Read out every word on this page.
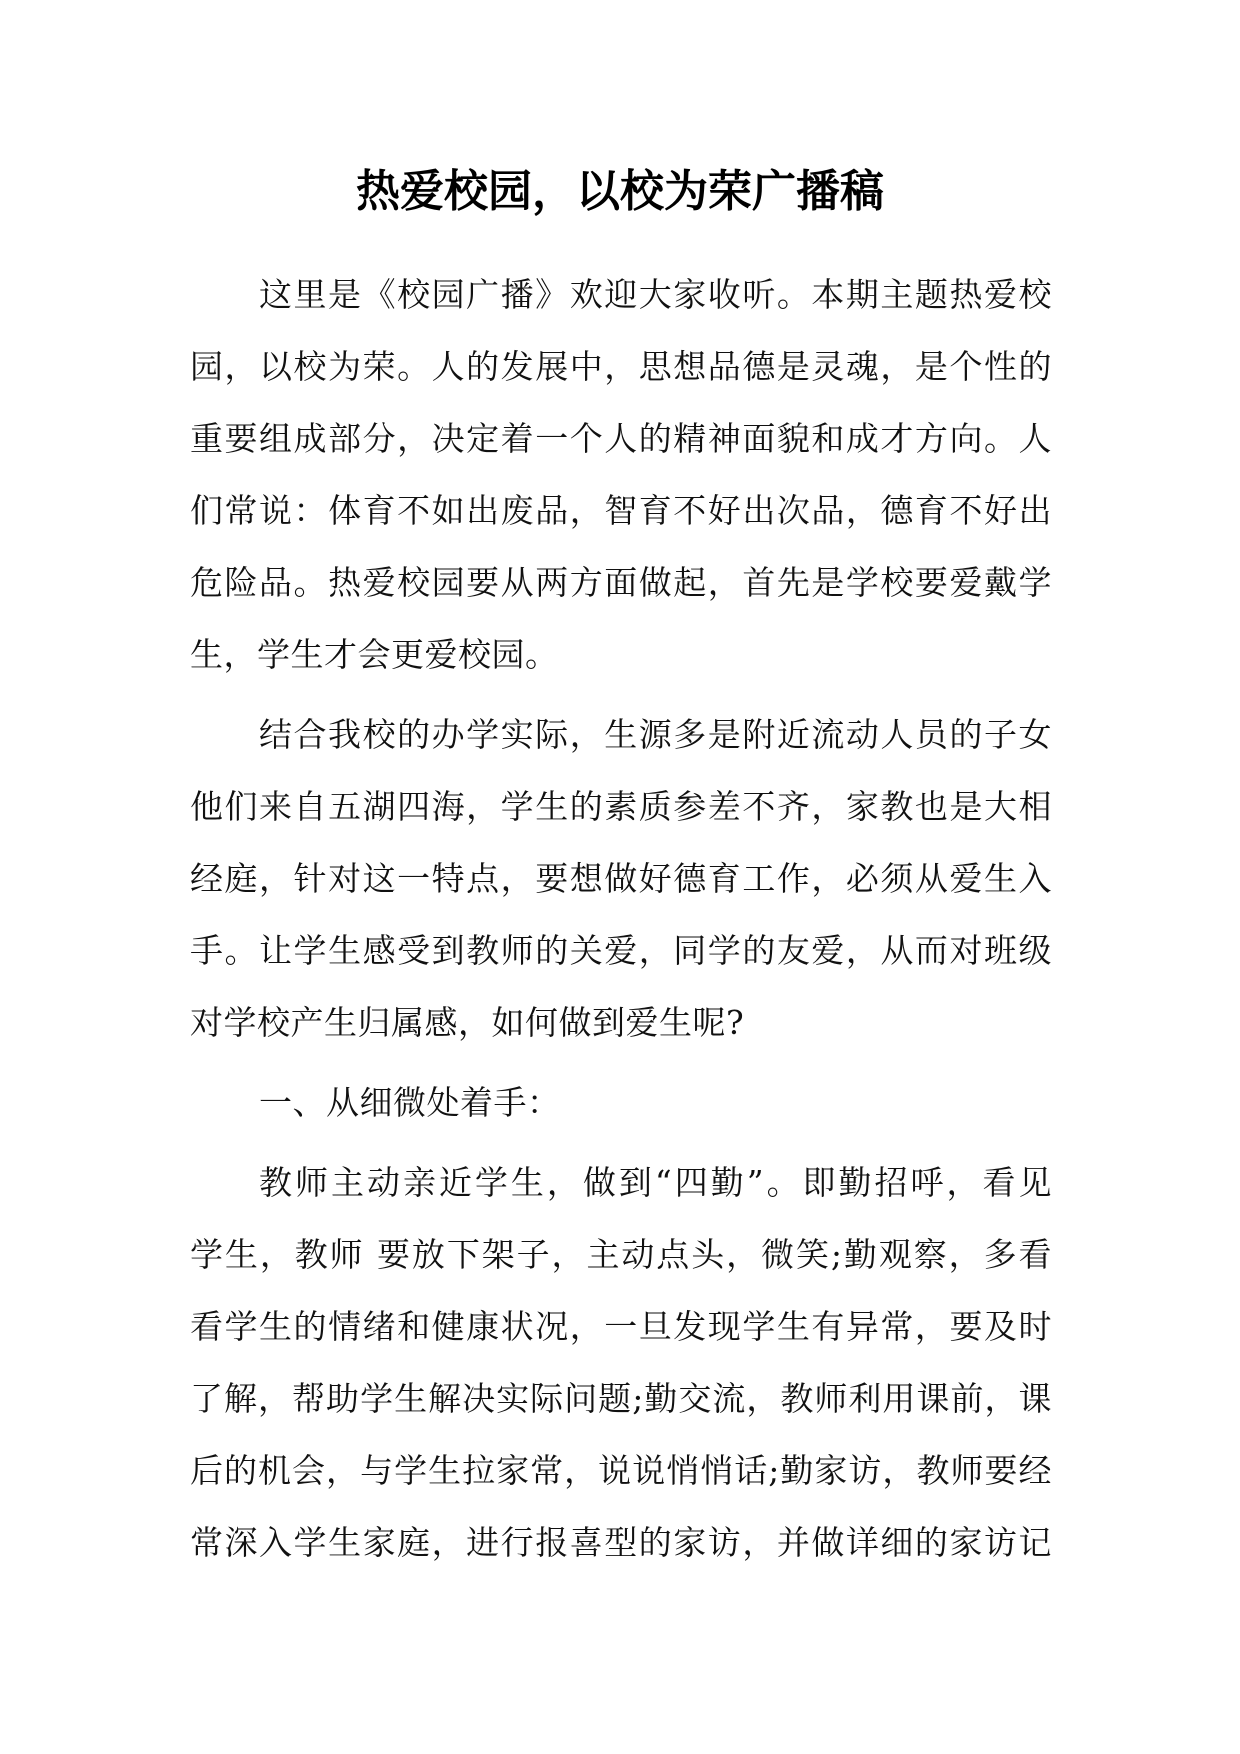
热爱校园，以校为荣广播稿
这里是《校园广播》欢迎大家收听。本期主题热爱校
园，以校为荣。人的发展中，思想品德是灵魂，是个性的
重要组成部分，决定着一个人的精神面貌和成才方向。人
们常说：体育不如出废品，智育不好出次品，德育不好出
危险品。热爱校园要从两方面做起，首先是学校要爱戴学
生，学生才会更爱校园。
结合我校的办学实际，生源多是附近流动人员的子女
他们来自五湖四海，学生的素质参差不齐，家教也是大相
经庭，针对这一特点，要想做好德育工作，必须从爱生入
手。让学生感受到教师的关爱，同学的友爱，从而对班级
对学校产生归属感，如何做到爱生呢?
一、从细微处着手：
教师主动亲近学生，做到“四勤”。即勤招呼，看见
学生，教师 要放下架子，主动点头，微笑;勤观察，多看
看学生的情绪和健康状况，一旦发现学生有异常，要及时
了解，帮助学生解决实际问题;勤交流，教师利用课前，课
后的机会，与学生拉家常，说说悄悄话;勤家访，教师要经
常深入学生家庭，进行报喜型的家访，并做详细的家访记
